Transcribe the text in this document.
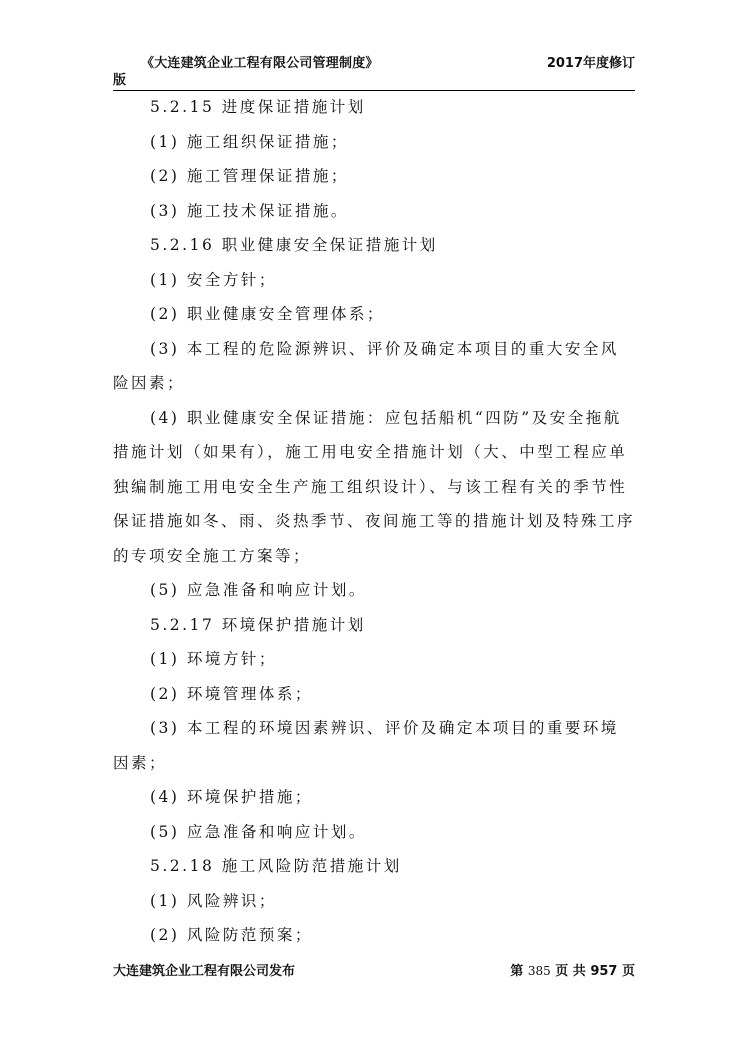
《大连建筑企业工程有限公司管理制度》	2017年度修订
版

5.2.15 进度保证措施计划

(1) 施工组织保证措施；

(2) 施工管理保证措施；

(3) 施工技术保证措施。

5.2.16 职业健康安全保证措施计划

(1) 安全方针；

(2) 职业健康安全管理体系；

(3) 本工程的危险源辨识、评价及确定本项目的重大安全风险因素；

(4) 职业健康安全保证措施：应包括船机“四防”及安全拖航措施计划（如果有），施工用电安全措施计划（大、中型工程应单独编制施工用电安全生产施工组织设计）、与该工程有关的季节性保证措施如冬、雨、炎热季节、夜间施工等的措施计划及特殊工序的专项安全施工方案等；

(5) 应急准备和响应计划。

5.2.17 环境保护措施计划

(1) 环境方针；

(2) 环境管理体系；

(3) 本工程的环境因素辨识、评价及确定本项目的重要环境因素；

(4) 环境保护措施；

(5) 应急准备和响应计划。

5.2.18 施工风险防范措施计划

(1) 风险辨识；

(2) 风险防范预案；

大连建筑企业工程有限公司发布	第 385 页 共 957 页
